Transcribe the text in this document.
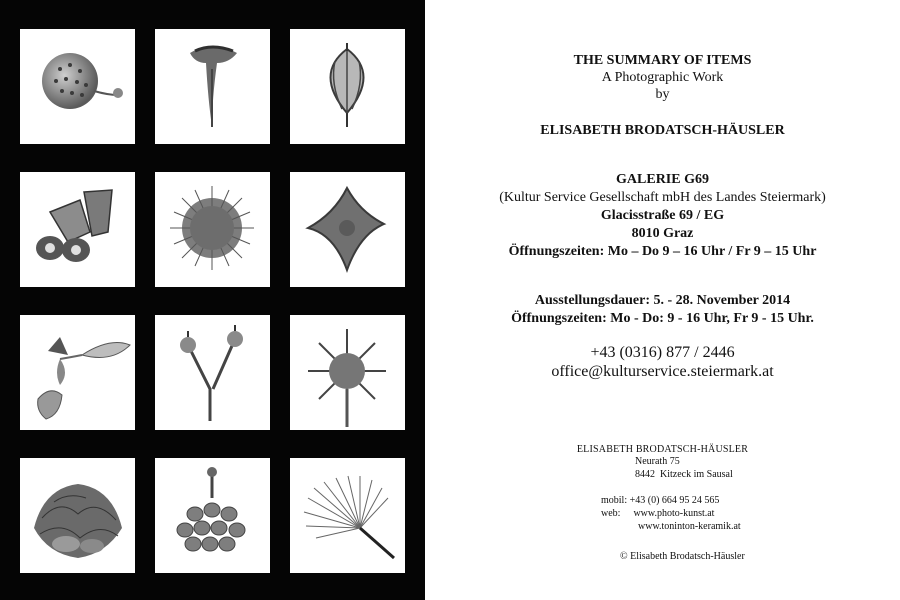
THE SUMMARY OF ITEMS
A Photographic Work
by
ELISABETH BRODATSCH-HÄUSLER
GALERIE G69
(Kultur Service Gesellschaft mbH des Landes Steiermark)
Glacisstraße 69 / EG
8010 Graz
Öffnungszeiten: Mo – Do 9 – 16 Uhr / Fr 9 – 15 Uhr
Ausstellungsdauer: 5. - 28. November 2014
Öffnungszeiten: Mo - Do: 9 - 16 Uhr, Fr 9 - 15 Uhr.
+43 (0316) 877 / 2446
office@kulturservice.steiermark.at
ELISABETH BRODATSCH-HÄUSLER
Neurath 75
8442  Kitzeck im Sausal
mobil: +43 (0) 664 95 24 565
web: www.photo-kunst.at
www.toninton-keramik.at
© Elisabeth Brodatsch-Häusler
